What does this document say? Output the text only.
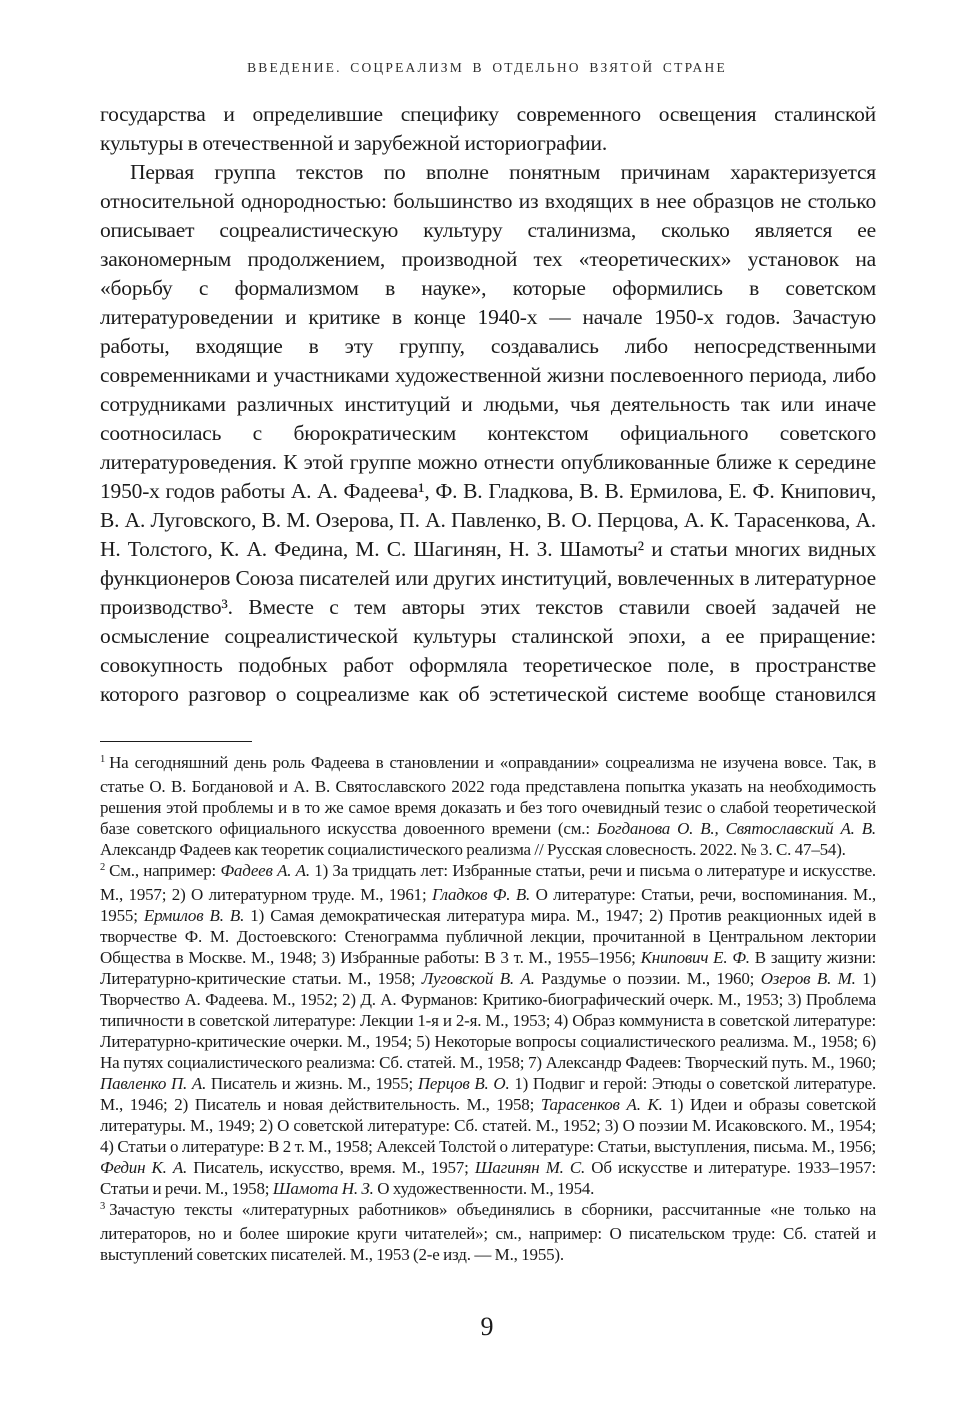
ВВЕДЕНИЕ. СОЦРЕАЛИЗМ В ОТДЕЛЬНО ВЗЯТОЙ СТРАНЕ

государства и определившие специфику современного освещения сталинской культуры в отечественной и зарубежной историографии.

Первая группа текстов по вполне понятным причинам характеризуется относительной однородностью: большинство из входящих в нее образцов не столько описывает соцреалистическую культуру сталинизма, сколько является ее закономерным продолжением, производной тех «теоретических» установок на «борьбу с формализмом в науке», которые оформились в советском литературоведении и критике в конце 1940-х — начале 1950-х годов. Зачастую работы, входящие в эту группу, создавались либо непосредственными современниками и участниками художественной жизни послевоенного периода, либо сотрудниками различных институций и людьми, чья деятельность так или иначе соотносилась с бюрократическим контекстом официального советского литературоведения. К этой группе можно отнести опубликованные ближе к середине 1950-х годов работы А. А. Фадеева¹, Ф. В. Гладкова, В. В. Ермилова, Е. Ф. Книпович, В. А. Луговского, В. М. Озерова, П. А. Павленко, В. О. Перцова, А. К. Тарасенкова, А. Н. Толстого, К. А. Федина, М. С. Шагинян, Н. З. Шамоты² и статьи многих видных функционеров Союза писателей или других институций, вовлеченных в литературное производство³. Вместе с тем авторы этих текстов ставили своей задачей не осмысление соцреалистической культуры сталинской эпохи, а ее приращение: совокупность подобных работ оформляла теоретическое поле, в пространстве которого разговор о соцреализме как об эстетической системе вообще становился

1 На сегодняшний день роль Фадеева в становлении и «оправдании» соцреализма не изучена вовсе. Так, в статье О. В. Богдановой и А. В. Святославского 2022 года представлена попытка указать на необходимость решения этой проблемы и в то же самое время доказать и без того очевидный тезис о слабой теоретической базе советского официального искусства довоенного времени (см.: Богданова О. В., Святославский А. В. Александр Фадеев как теоретик социалистического реализма // Русская словесность. 2022. № 3. С. 47–54).

2 См., например: Фадеев А. А. 1) За тридцать лет: Избранные статьи, речи и письма о литературе и искусстве. М., 1957; 2) О литературном труде. М., 1961; Гладков Ф. В. О литературе: Статьи, речи, воспоминания. М., 1955; Ермилов В. В. 1) Самая демократическая литература мира. М., 1947; 2) Против реакционных идей в творчестве Ф. М. Достоевского: Стенограмма публичной лекции, прочитанной в Центральном лектории Общества в Москве. М., 1948; 3) Избранные работы: В 3 т. М., 1955–1956; Книпович Е. Ф. В защиту жизни: Литературно-критические статьи. М., 1958; Луговской В. А. Раздумье о поэзии. М., 1960; Озеров В. М. 1) Творчество А. Фадеева. М., 1952; 2) Д. А. Фурманов: Критико-биографический очерк. М., 1953; 3) Проблема типичности в советской литературе: Лекции 1-я и 2-я. М., 1953; 4) Образ коммуниста в советской литературе: Литературно-критические очерки. М., 1954; 5) Некоторые вопросы социалистического реализма. М., 1958; 6) На путях социалистического реализма: Сб. статей. М., 1958; 7) Александр Фадеев: Творческий путь. М., 1960; Павленко П. А. Писатель и жизнь. М., 1955; Перцов В. О. 1) Подвиг и герой: Этюды о советской литературе. М., 1946; 2) Писатель и новая действительность. М., 1958; Тарасенков А. К. 1) Идеи и образы советской литературы. М., 1949; 2) О советской литературе: Сб. статей. М., 1952; 3) О поэзии М. Исаковского. М., 1954; 4) Статьи о литературе: В 2 т. М., 1958; Алексей Толстой о литературе: Статьи, выступления, письма. М., 1956; Федин К. А. Писатель, искусство, время. М., 1957; Шагинян М. С. Об искусстве и литературе. 1933–1957: Статьи и речи. М., 1958; Шамота Н. З. О художественности. М., 1954.

3 Зачастую тексты «литературных работников» объединялись в сборники, рассчитанные «не только на литераторов, но и более широкие круги читателей»; см., например: О писательском труде: Сб. статей и выступлений советских писателей. М., 1953 (2-е изд. — М., 1955).

9
